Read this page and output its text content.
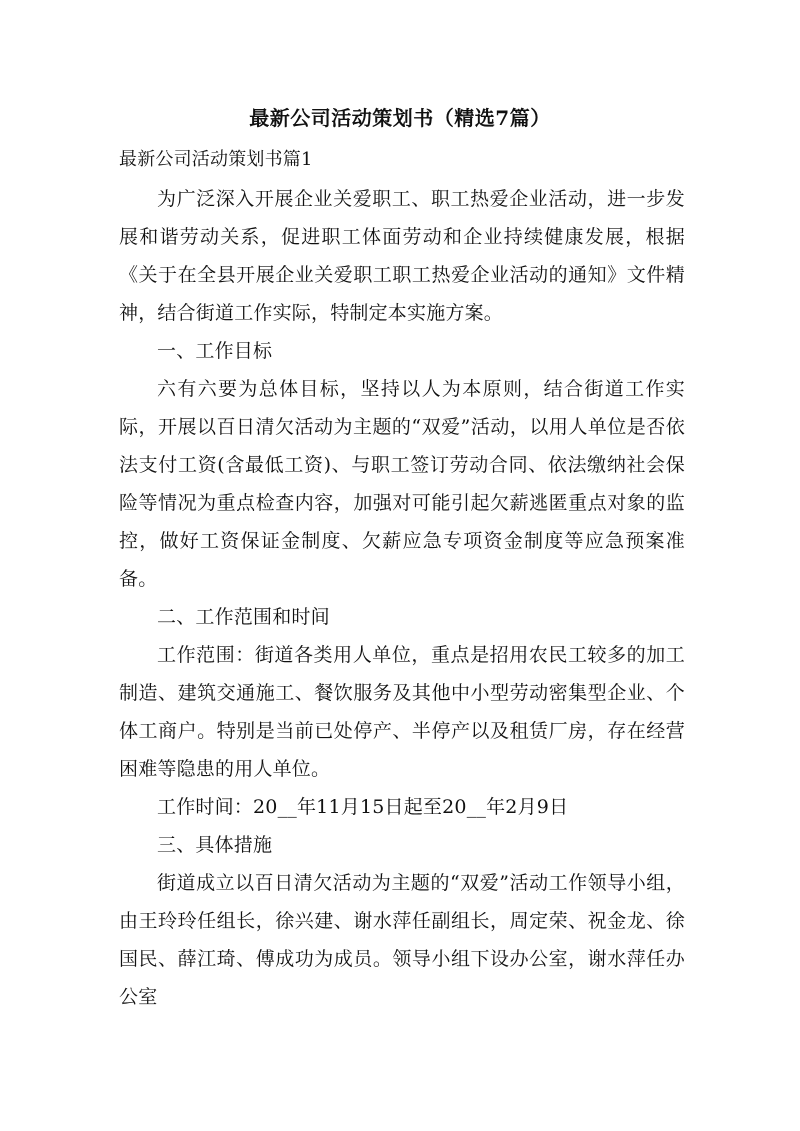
最新公司活动策划书（精选7篇）

最新公司活动策划书篇1

为广泛深入开展企业关爱职工、职工热爱企业活动，进一步发展和谐劳动关系，促进职工体面劳动和企业持续健康发展，根据《关于在全县开展企业关爱职工职工热爱企业活动的通知》文件精神，结合街道工作实际，特制定本实施方案。

一、工作目标

六有六要为总体目标，坚持以人为本原则，结合街道工作实际，开展以百日清欠活动为主题的“双爱”活动，以用人单位是否依法支付工资(含最低工资)、与职工签订劳动合同、依法缴纳社会保险等情况为重点检查内容，加强对可能引起欠薪逃匿重点对象的监控，做好工资保证金制度、欠薪应急专项资金制度等应急预案准备。

二、工作范围和时间

工作范围：街道各类用人单位，重点是招用农民工较多的加工制造、建筑交通施工、餐饮服务及其他中小型劳动密集型企业、个体工商户。特别是当前已处停产、半停产以及租赁厂房，存在经营困难等隐患的用人单位。

工作时间：20__年11月15日起至20__年2月9日

三、具体措施

街道成立以百日清欠活动为主题的“双爱”活动工作领导小组，由王玲玲任组长，徐兴建、谢水萍任副组长，周定荣、祝金龙、徐国民、薛江琦、傅成功为成员。领导小组下设办公室，谢水萍任办公室
